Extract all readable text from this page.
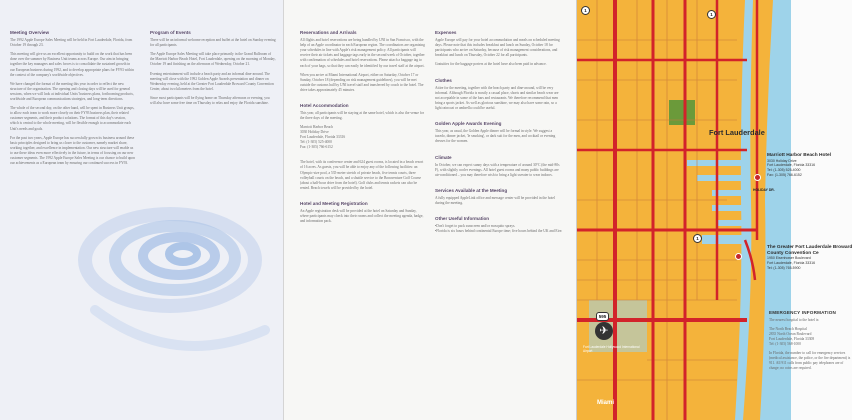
Meeting Overview

The 1992 Apple Europe Sales Meeting will be held in Fort Lauderdale, Florida, from October 19 through 23.

This meeting will give us an excellent opportunity to build on the work that has been done over the summer by Business Unit teams across Europe. Our aim in bringing together the key managers and sales forces is to consolidate the sustained growth in our European business during 1992, and to develop appropriate plans for FY93 within the context of the company's worldwide objectives.

We have changed the format of the meeting this year in order to reflect the new structure of the organization. The opening and closing days will be used for general sessions, when we will look at individual Units' business plans, forthcoming products, worldwide and European communications strategies, and long-term directions.

The whole of the second day, on the other hand, will be spent in Business Unit groups, to allow each team to work more closely on their FY93 business plan, their related customer segments, and their product solutions. The format of this day's session, which is central to the whole meeting, will be flexible enough to accommodate each Unit's needs and goals.

For the past two years, Apple Europe has successfully grown its business around these basic principles designed to bring us closer to the customer, namely market share, working together, and excellence in implementation. Our new structure will enable us to use these ideas even more effectively in the future, in terms of focusing on our new customer segments. The 1992 Apple Europe Sales Meeting is our chance to build upon our achievements as a European team by ensuring our continued success in FY93.

Program of Events

There will be an informal welcome reception and buffet at the hotel on Sunday evening for all participants.

The Apple Europe Sales Meeting will take place primarily in the Grand Ballroom of the Marriott Harbor Beach Hotel, Fort Lauderdale, opening on the morning of Monday, October 19 and finishing on the afternoon of Wednesday, October 21.

Evening entertainment will include a beach party and an informal dine-around. The meeting will close with the 1992 Golden Apple Awards presentation and dinner on Wednesday evening, held at the Greater Fort Lauderdale Broward County Convention Center, about two kilometers from the hotel.

Since most participants will be flying home on Thursday afternoon or evening, you will also have some free time on Thursday to relax and enjoy the Florida sunshine.

Reservations and Arrivals

All flights and hotel reservations are being handled by UNI in San Francisco, with the help of an Apple coordinator in each European region. The coordinators are organizing your schedules in line with Apple's risk management policy. All participants will receive their air tickets and baggage tags early in the second week of October, together with confirmation of schedules and hotel reservations. Please attach a baggage tag to each of your bags, so that they can easily be identified by our travel staff at the airport.

When you arrive at Miami International Airport, either on Saturday, October 17 or Sunday, October 18 (depending on risk management guidelines), you will be met outside the customs hall by UNI travel staff and transferred by coach to the hotel. The drive takes approximately 45 minutes.

Hotel Accommodation

This year, all participants will be staying at the same hotel, which is also the venue for the three days of the meeting.

Marriott Harbor Beach
3030 Holiday Drive
Fort Lauderdale, Florida 33316
Tel: (1-305) 525-4000
Fax: (1-305) 766-6152

The hotel, with its conference center and 624 guest rooms, is located in a beach resort of 16 acres. As guests, you will be able to enjoy any of the following facilities: an Olympic-size pool, a 535-meter stretch of private beach, five tennis courts, three volleyball courts on the beach, and a shuttle service to the Bonaventure Golf Course (about a half-hour drive from the hotel). Golf clubs and tennis rackets can also be rented. Beach towels will be provided by the hotel.

Hotel and Meeting Registration

An Apple registration desk will be provided at the hotel on Saturday and Sunday, where participants may check into their rooms and collect the meeting agenda, badge, and information pack.

Expenses

Apple Europe will pay for your hotel accommodation and meals on scheduled meeting days. Please note that this includes breakfast and lunch on Sunday, October 18 for participants who arrive on Saturday, because of risk management considerations, and breakfast and lunch on Thursday, October 22 for all participants.

Gratuities for the baggage porters at the hotel have also been paid in advance.

Clothes

Attire for the meeting, together with the beach party and dine-around, will be very informal. Although Florida is mostly a casual place, shorts and similar beach wear are not acceptable in some of the bars and restaurants. We therefore recommend that men bring a sports jacket. As well as glorious sunshine, we may also have some rain, so a light raincoat or umbrella could be useful.

Golden Apple Awards Evening

This year, as usual, the Golden Apple dinner will be formal in style. We suggest a tuxedo, dinner jacket, 'le smoking', or dark suit for the men, and cocktail or evening dresses for the women.

Climate

In October, we can expect sunny days with a temperature of around 30°C (the mid-80s F), with slightly cooler evenings. All hotel guest rooms and many public buildings are air-conditioned – you may therefore wish to bring a light sweater to wear indoors.

Services Available at the Meeting

A fully equipped AppleLink office and message center will be provided in the hotel during the meeting.

Other Useful Information
• Don't forget to pack sunscreen and/or mosquito sprays.
• Florida is six hours behind continental Europe time; five hours behind the UK and Eire.
1
1
1
595
Fort Lauderdale
HOLIDAY DR.
✈
Fort Lauderdale Hollywood International Airport
Miami
Marriott Harbor Beach Hotel
3030 Holiday Drive
Fort Lauderdale, Florida 33316
Tel: (1-305) 525-4000
Fax: (1-305) 766-6152
The Greater Fort Lauderdale Broward County Convention Ce
1950 Eisenhower Boulevard
Fort Lauderdale, Florida 33316
Tel: (1-305) 765-5900
EMERGENCY INFORMATION

The nearest hospital to the hotel is:

The North Beach Hospital
2835 North Ocean Boulevard
Fort Lauderdale, Florida 33308
Tel: (1-305) 568-1000

In Florida, the number to call for emergency services (medical assistance, the police, or the fire department) is 911. All 911 calls from public pay telephones are of charge; no coins are required.
